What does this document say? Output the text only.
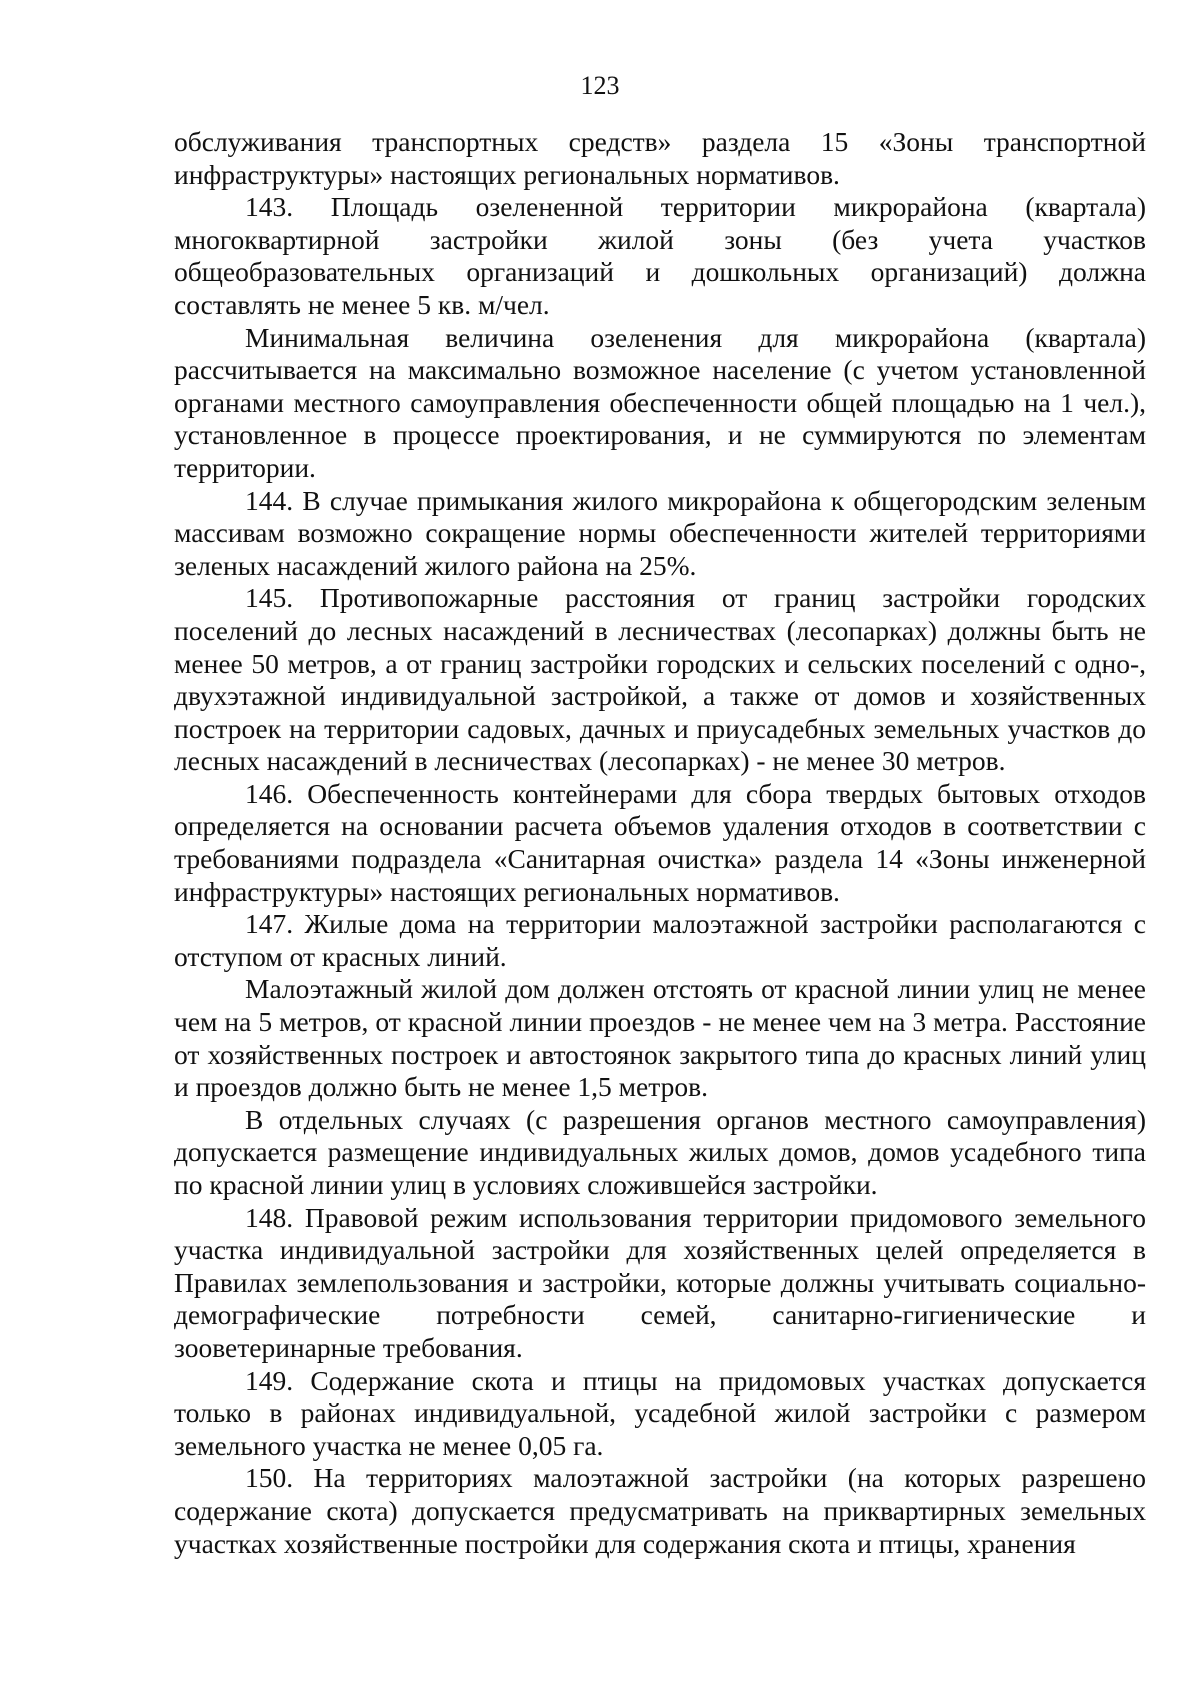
123

обслуживания транспортных средств» раздела 15 «Зоны транспортной инфраструктуры» настоящих региональных нормативов.

143. Площадь озелененной территории микрорайона (квартала) многоквартирной застройки жилой зоны (без учета участков общеобразовательных организаций и дошкольных организаций) должна составлять не менее 5 кв. м/чел.

Минимальная величина озеленения для микрорайона (квартала) рассчитывается на максимально возможное население (с учетом установленной органами местного самоуправления обеспеченности общей площадью на 1 чел.), установленное в процессе проектирования, и не суммируются по элементам территории.

144. В случае примыкания жилого микрорайона к общегородским зеленым массивам возможно сокращение нормы обеспеченности жителей территориями зеленых насаждений жилого района на 25%.

145. Противопожарные расстояния от границ застройки городских поселений до лесных насаждений в лесничествах (лесопарках) должны быть не менее 50 метров, а от границ застройки городских и сельских поселений с одно-, двухэтажной индивидуальной застройкой, а также от домов и хозяйственных построек на территории садовых, дачных и приусадебных земельных участков до лесных насаждений в лесничествах (лесопарках) - не менее 30 метров.

146. Обеспеченность контейнерами для сбора твердых бытовых отходов определяется на основании расчета объемов удаления отходов в соответствии с требованиями подраздела «Санитарная очистка» раздела 14 «Зоны инженерной инфраструктуры» настоящих региональных нормативов.

147. Жилые дома на территории малоэтажной застройки располагаются с отступом от красных линий.

Малоэтажный жилой дом должен отстоять от красной линии улиц не менее чем на 5 метров, от красной линии проездов - не менее чем на 3 метра. Расстояние от хозяйственных построек и автостоянок закрытого типа до красных линий улиц и проездов должно быть не менее 1,5 метров.

В отдельных случаях (с разрешения органов местного самоуправления) допускается размещение индивидуальных жилых домов, домов усадебного типа по красной линии улиц в условиях сложившейся застройки.

148. Правовой режим использования территории придомового земельного участка индивидуальной застройки для хозяйственных целей определяется в Правилах землепользования и застройки, которые должны учитывать социально-демографические потребности семей, санитарно-гигиенические и зооветеринарные требования.

149. Содержание скота и птицы на придомовых участках допускается только в районах индивидуальной, усадебной жилой застройки с размером земельного участка не менее 0,05 га.

150. На территориях малоэтажной застройки (на которых разрешено содержание скота) допускается предусматривать на приквартирных земельных участках хозяйственные постройки для содержания скота и птицы, хранения
